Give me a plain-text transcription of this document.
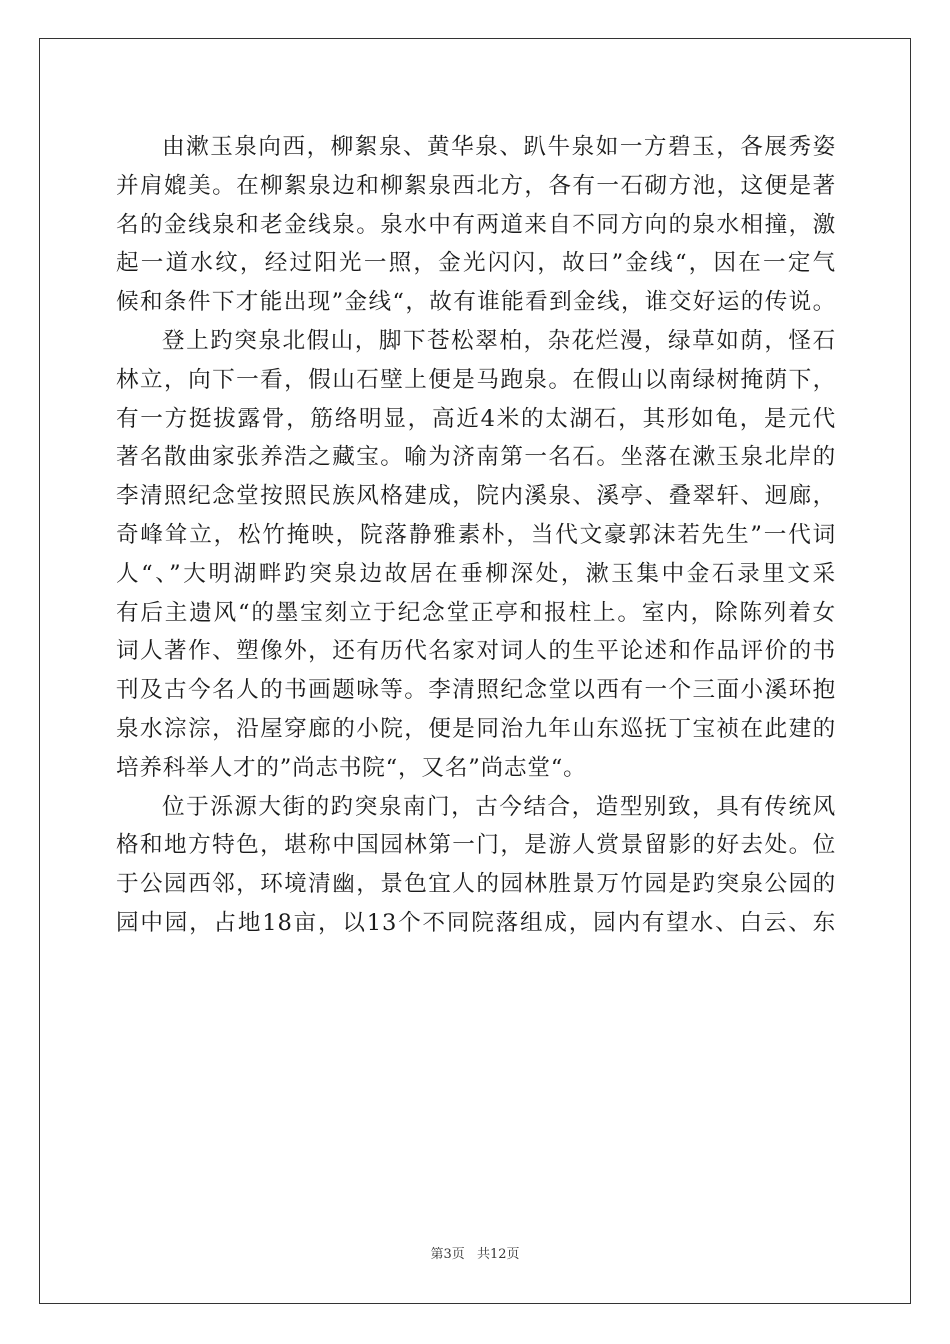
由漱玉泉向西，柳絮泉、黄华泉、趴牛泉如一方碧玉，各展秀姿
并肩媲美。在柳絮泉边和柳絮泉西北方，各有一石砌方池，这便是著
名的金线泉和老金线泉。泉水中有两道来自不同方向的泉水相撞，激
起一道水纹，经过阳光一照，金光闪闪，故曰”金线“，因在一定气
候和条件下才能出现”金线“，故有谁能看到金线，谁交好运的传说。

登上趵突泉北假山，脚下苍松翠柏，杂花烂漫，绿草如荫，怪石
林立，向下一看，假山石壁上便是马跑泉。在假山以南绿树掩荫下，
有一方挺拔露骨，筋络明显，高近4米的太湖石，其形如龟，是元代
著名散曲家张养浩之藏宝。喻为济南第一名石。坐落在漱玉泉北岸的
李清照纪念堂按照民族风格建成，院内溪泉、溪亭、叠翠轩、迥廊，
奇峰耸立，松竹掩映，院落静雅素朴，当代文豪郭沫若先生”一代词
人“、”大明湖畔趵突泉边故居在垂柳深处，漱玉集中金石录里文采
有后主遗风“的墨宝刻立于纪念堂正亭和报柱上。室内，除陈列着女
词人著作、塑像外，还有历代名家对词人的生平论述和作品评价的书
刊及古今名人的书画题咏等。李清照纪念堂以西有一个三面小溪环抱
泉水淙淙，沿屋穿廊的小院，便是同治九年山东巡抚丁宝祯在此建的
培养科举人才的”尚志书院“，又名”尚志堂“。

位于泺源大街的趵突泉南门，古今结合，造型别致，具有传统风
格和地方特色，堪称中国园林第一门，是游人赏景留影的好去处。位
于公园西邻，环境清幽，景色宜人的园林胜景万竹园是趵突泉公园的
园中园，占地18亩，以13个不同院落组成，园内有望水、白云、东

第3页 共12页
